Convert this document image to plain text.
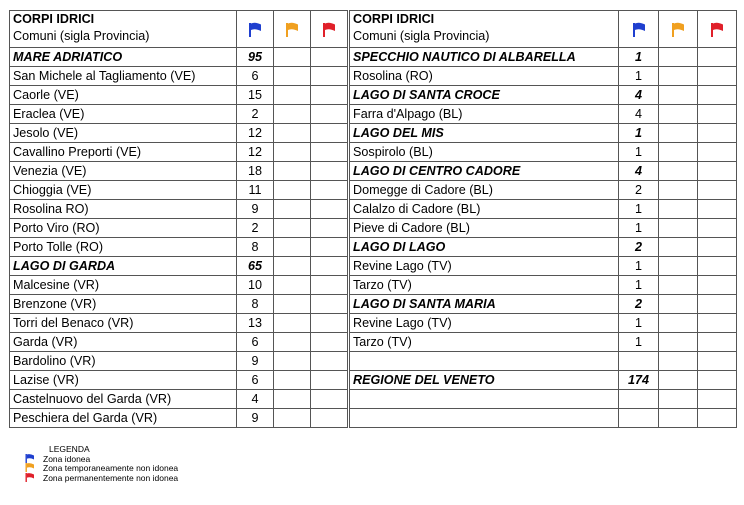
CORPI IDRICI
Comuni (sigla Provincia)

MARE ADRIATICO	95		
San Michele al Tagliamento (VE)	6		
Caorle (VE)	15		
Eraclea (VE)	2		
Jesolo (VE)	12		
Cavallino Preporti (VE)	12		
Venezia (VE)	18		
Chioggia (VE)	11		
Rosolina RO)	9		
Porto Viro (RO)	2		
Porto Tolle (RO)	8		
LAGO DI GARDA	65		
Malcesine (VR)	10		
Brenzone (VR)	8		
Torri del Benaco (VR)	13		
Garda (VR)	6		
Bardolino (VR)	9		
Lazise (VR)	6		
Castelnuovo del Garda (VR)	4		
Peschiera del Garda (VR)	9		
CORPI IDRICI
Comuni (sigla Provincia)

SPECCHIO NAUTICO DI ALBARELLA	1		
Rosolina (RO)	1		
LAGO DI SANTA CROCE	4		
Farra d'Alpago (BL)	4		
LAGO DEL MIS	1		
Sospirolo (BL)	1		
LAGO DI CENTRO CADORE	4		
Domegge di Cadore (BL)	2		
Calalzo di Cadore (BL)	1		
Pieve di Cadore (BL)	1		
LAGO DI LAGO	2		
Revine Lago (TV)	1		
Tarzo (TV)	1		
LAGO DI SANTA MARIA	2		
Revine Lago (TV)	1		
Tarzo (TV)	1		

REGIONE DEL VENETO	174		

LEGENDA
Zona idonea
Zona temporaneamente non idonea
Zona permanentemente non idonea
